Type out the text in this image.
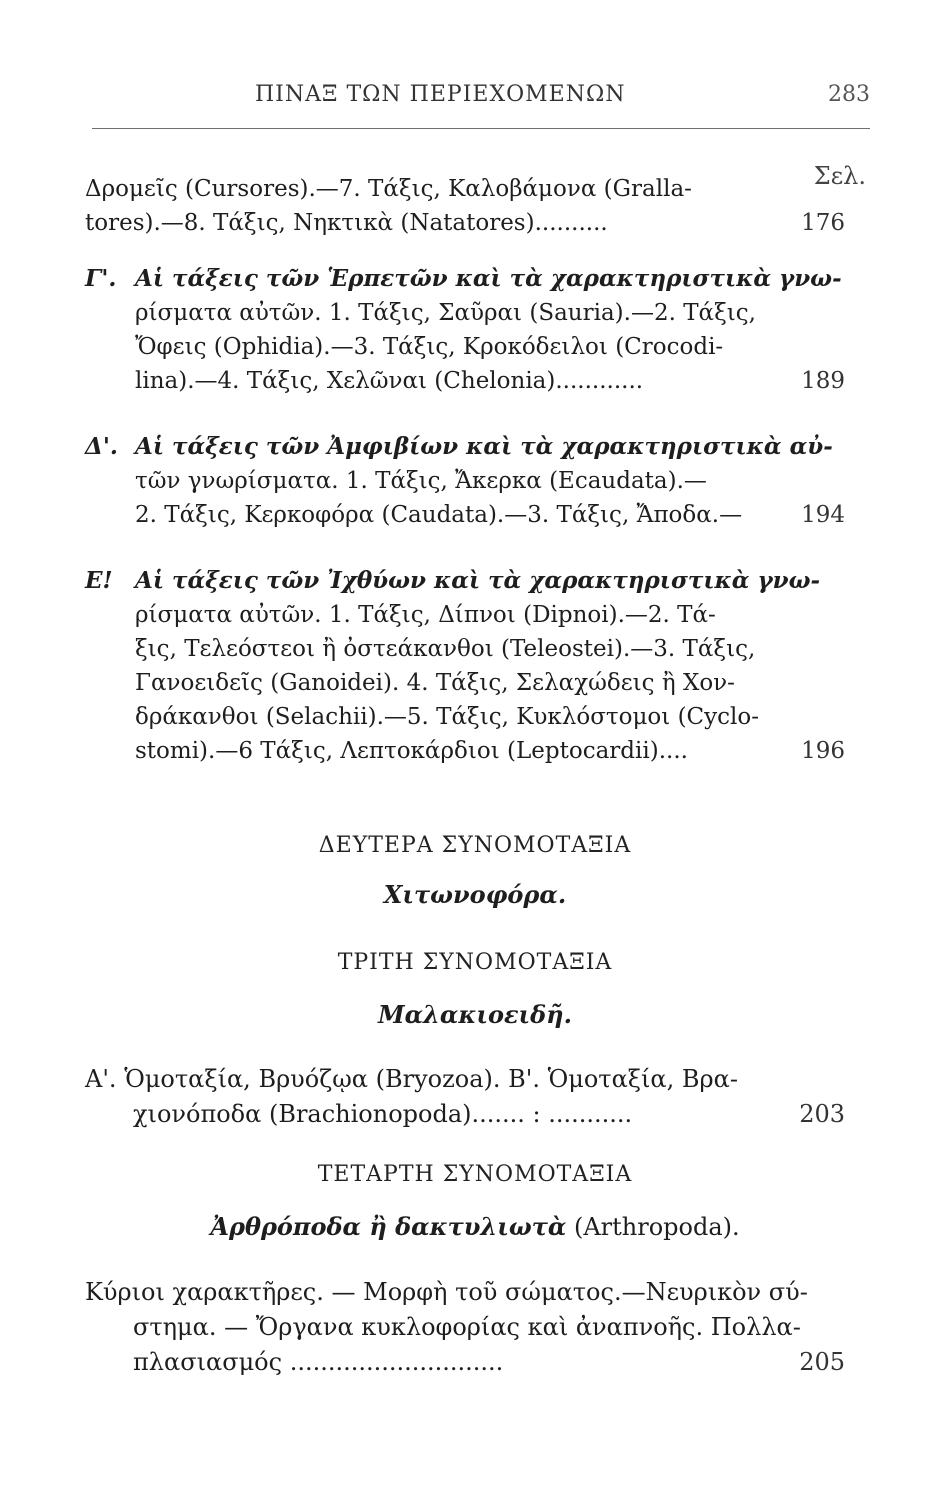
ΠΙΝΑΞ ΤΩΝ ΠΕΡΙΕΧΟΜΕΝΩΝ	283
Σελ.
Δρομεῖς (Cursores).—7. Τάξις, Καλοβάμονα (Gralla-
tores).—8. Τάξις, Νηκτικὰ (Natatores)..........	176
Γ'. Αἱ τάξεις τῶν Ἑρπετῶν καὶ τὰ χαρακτηριστικὰ γνω-
ρίσματα αὐτῶν. 1. Τάξις, Σαῦραι (Sauria).—2. Τάξις,
Ὄφεις (Ophidia).—3. Τάξις, Κροκόδειλοι (Crocodi-
lina).—4. Τάξις, Χελῶναι (Chelonia)............	189
Δ'. Αἱ τάξεις τῶν Ἀμφιβίων καὶ τὰ χαρακτηριστικὰ αὐ-
τῶν γνωρίσματα. 1. Τάξις, Ἄκερκα (Ecaudata).—
2. Τάξις, Κερκοφόρα (Caudata).—3. Τάξις, Ἄποδα.—	194
Ε! Αἱ τάξεις τῶν Ἰχθύων καὶ τὰ χαρακτηριστικὰ γνω-
ρίσματα αὐτῶν. 1. Τάξις, Δίπνοι (Dipnoi).—2. Τά-
ξις, Τελεόστεοι ἢ ὀστεάκανθοι (Teleostei).—3. Τάξις,
Γανοειδεῖς (Ganoidei). 4. Τάξις, Σελαχώδεις ἢ Χον-
δράκανθοι (Selachii).—5. Τάξις, Κυκλόστομοι (Cyclo-
stomi).—6 Τάξις, Λεπτοκάρδιοι (Leptocardii)....	196
ΔΕΥΤΕΡΑ ΣΥΝΟΜΟΤΑΞΙΑ
Χιτωνοφόρα.
ΤΡΙΤΗ ΣΥΝΟΜΟΤΑΞΙΑ
Μαλακιοειδῆ.
Α'. Ὁμοταξία, Βρυόζῳα (Bryozoa). Β'. Ὁμοταξία, Βρα-
χιονόποδα (Brachionopoda)....... : ...........	203
ΤΕΤΑΡΤΗ ΣΥΝΟΜΟΤΑΞΙΑ
Ἀρθρόποδα ἢ δακτυλιωτὰ (Arthropoda).
Κύριοι χαρακτῆρες. — Μορφὴ τοῦ σώματος.—Νευρικὸν σύ-
στημα. — Ὄργανα κυκλοφορίας καὶ ἀναπνοῆς. Πολλα-
πλασιασμός ............................	205
